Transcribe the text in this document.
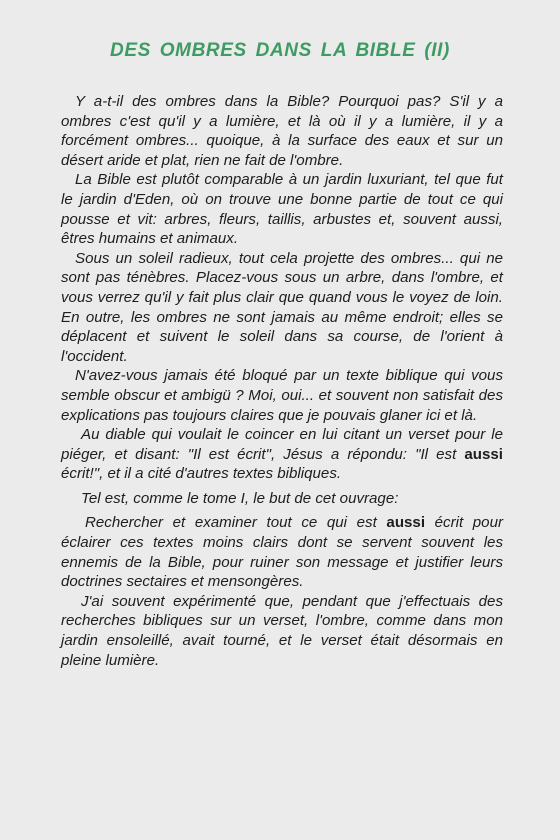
DES OMBRES DANS LA BIBLE (II)

Y a-t-il des ombres dans la Bible? Pourquoi pas? S'il y a ombres c'est qu'il y a lumière, et là où il y a lumière, il y a forcément ombres... quoique, à la surface des eaux et sur un désert aride et plat, rien ne fait de l'ombre.

La Bible est plutôt comparable à un jardin luxuriant, tel que fut le jardin d'Eden, où on trouve une bonne partie de tout ce qui pousse et vit: arbres, fleurs, taillis, arbustes et, souvent aussi, êtres humains et animaux.

Sous un soleil radieux, tout cela projette des ombres... qui ne sont pas ténèbres. Placez-vous sous un arbre, dans l'ombre, et vous verrez qu'il y fait plus clair que quand vous le voyez de loin. En outre, les ombres ne sont jamais au même endroit; elles se déplacent et suivent le soleil dans sa course, de l'orient à l'occident.

N'avez-vous jamais été bloqué par un texte biblique qui vous semble obscur et ambigü ? Moi, oui... et souvent non satisfait des explications pas toujours claires que je pouvais glaner ici et là.

Au diable qui voulait le coincer en lui citant un verset pour le piéger, et disant: "Il est écrit", Jésus a répondu: "Il est aussi écrit!", et il a cité d'autres textes bibliques.

Tel est, comme le tome I, le but de cet ouvrage:

Rechercher et examiner tout ce qui est aussi écrit pour éclairer ces textes moins clairs dont se servent souvent les ennemis de la Bible, pour ruiner son message et justifier leurs doctrines sectaires et mensongères.

J'ai souvent expérimenté que, pendant que j'effectuais des recherches bibliques sur un verset, l'ombre, comme dans mon jardin ensoleillé, avait tourné, et le verset était désormais en pleine lumière.
